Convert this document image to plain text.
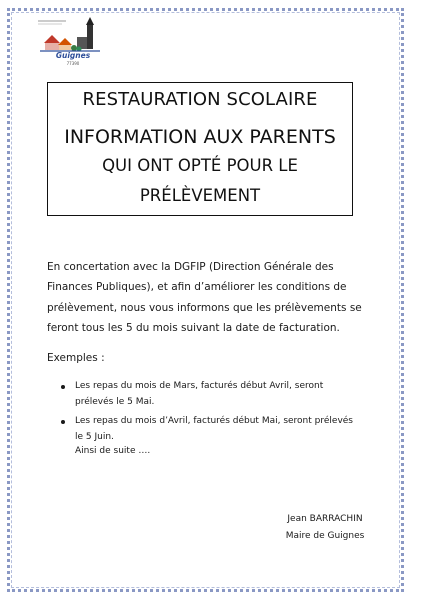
Guignes
77390
RESTAURATION SCOLAIRE
INFORMATION AUX PARENTS
QUI ONT OPTÉ POUR LE
PRÉLÈVEMENT
En concertation avec la DGFIP (Direction Générale des Finances Publiques), et afin d’améliorer les conditions de prélèvement, nous vous informons que les prélèvements se feront tous les 5 du mois suivant la date de facturation.
Exemples :
Les repas du mois de Mars, facturés début Avril, seront prélevés le 5 Mai.
Les repas du mois d’Avril, facturés début Mai, seront prélevés le 5 Juin.
Ainsi de suite ….
Jean BARRACHIN
Maire de Guignes
